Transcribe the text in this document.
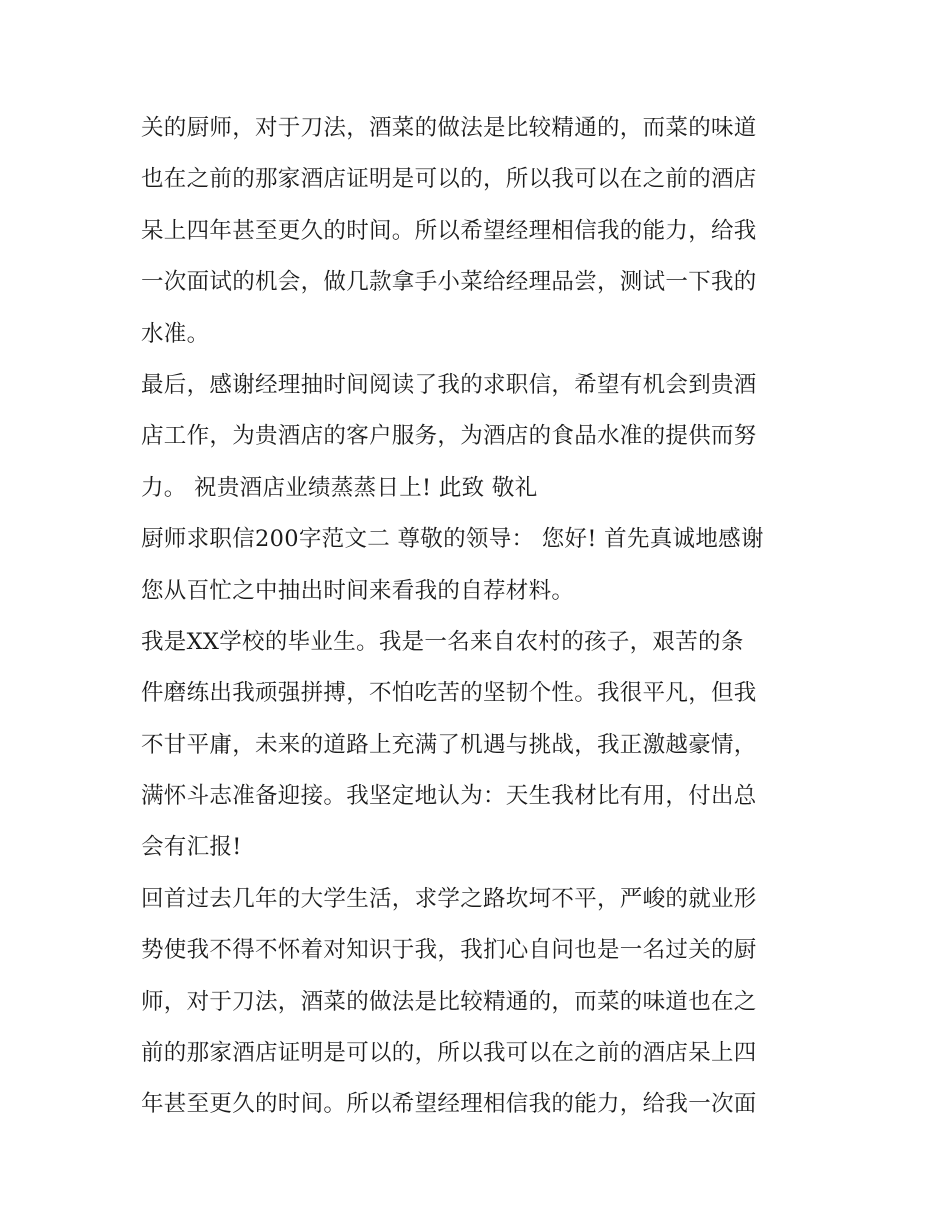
关的厨师，对于刀法，酒菜的做法是比较精通的，而菜的味道
也在之前的那家酒店证明是可以的，所以我可以在之前的酒店
呆上四年甚至更久的时间。所以希望经理相信我的能力，给我
一次面试的机会，做几款拿手小菜给经理品尝，测试一下我的
水准。
最后，感谢经理抽时间阅读了我的求职信，希望有机会到贵酒
店工作，为贵酒店的客户服务，为酒店的食品水准的提供而努
力。 祝贵酒店业绩蒸蒸日上! 此致 敬礼
厨师求职信200字范文二 尊敬的领导： 您好! 首先真诚地感谢
您从百忙之中抽出时间来看我的自荐材料。
我是XX学校的毕业生。我是一名来自农村的孩子，艰苦的条
件磨练出我顽强拼搏，不怕吃苦的坚韧个性。我很平凡，但我
不甘平庸，未来的道路上充满了机遇与挑战，我正激越豪情，
满怀斗志准备迎接。我坚定地认为：天生我材比有用，付出总
会有汇报!
回首过去几年的大学生活，求学之路坎坷不平，严峻的就业形
势使我不得不怀着对知识于我，我扪心自问也是一名过关的厨
师，对于刀法，酒菜的做法是比较精通的，而菜的味道也在之
前的那家酒店证明是可以的，所以我可以在之前的酒店呆上四
年甚至更久的时间。所以希望经理相信我的能力，给我一次面
